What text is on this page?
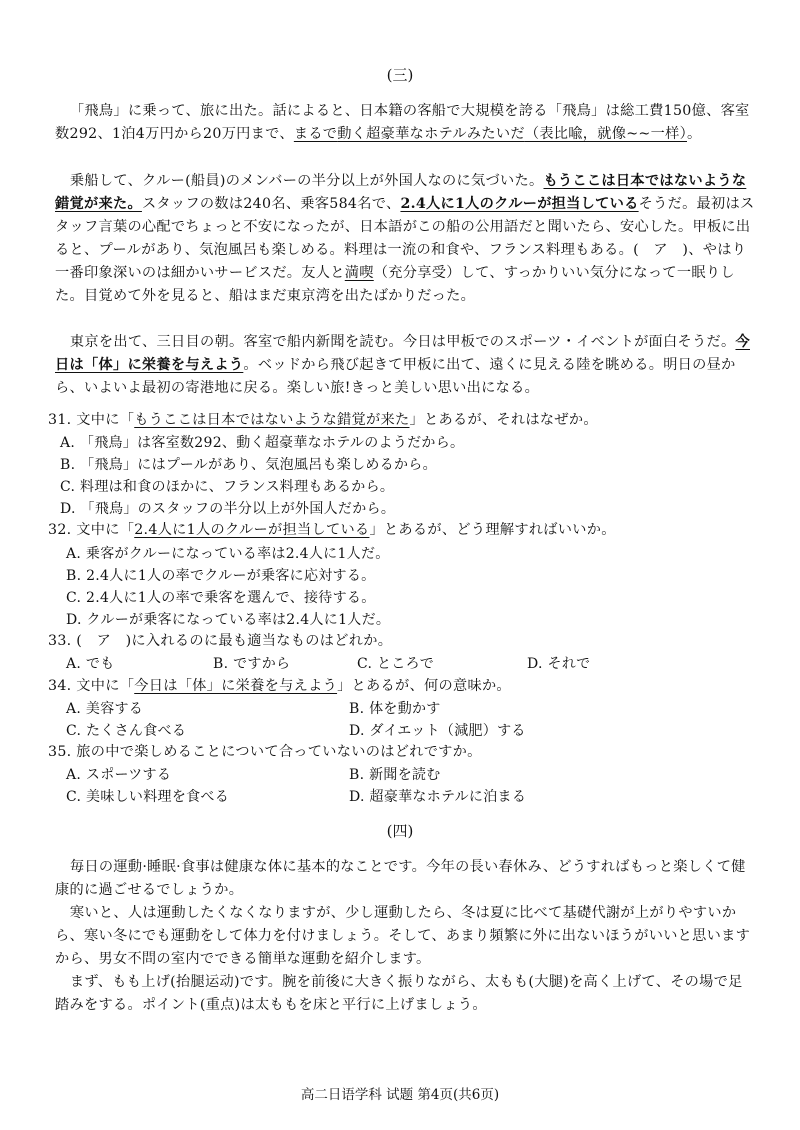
(三)

「飛鳥」に乗って、旅に出た。話によると、日本籍の客船で大規模を誇る「飛鳥」は総工費150億、客室数292、1泊4万円から20万円まで、まるで動く超豪華なホテルみたいだ（表比喩，就像~~一样）。

乗船して、クルー(船員)のメンバーの半分以上が外国人なのに気づいた。もうここは日本ではないような錯覚が来た。スタッフの数は240名、乗客584名で、2.4人に1人のクルーが担当しているそうだ。最初はスタッフ言葉の心配でちょっと不安になったが、日本語がこの船の公用語だと聞いたら、安心した。甲板に出ると、プールがあり、気泡風呂も楽しめる。料理は一流の和食や、フランス料理もある。(　ア　)、やはり一番印象深いのは細かいサービスだ。友人と満喫（充分享受）して、すっかりいい気分になって一眠りした。目覚めて外を見ると、船はまだ東京湾を出たばかりだった。

東京を出て、三日目の朝。客室で船内新聞を読む。今日は甲板でのスポーツ・イベントが面白そうだ。今日は「体」に栄養を与えよう。ベッドから飛び起きて甲板に出て、遠くに見える陸を眺める。明日の昼から、いよいよ最初の寄港地に戻る。楽しい旅!きっと美しい思い出になる。

31. 文中に「もうここは日本ではないような錯覚が来た」とあるが、それはなぜか。
A. 「飛鳥」は客室数292、動く超豪華なホテルのようだから。
B. 「飛鳥」にはプールがあり、気泡風呂も楽しめるから。
C. 料理は和食のほかに、フランス料理もあるから。
D. 「飛鳥」のスタッフの半分以上が外国人だから。
32. 文中に「2.4人に1人のクルーが担当している」とあるが、どう理解すればいいか。
A. 乗客がクルーになっている率は2.4人に1人だ。
B. 2.4人に1人の率でクルーが乗客に応対する。
C. 2.4人に1人の率で乗客を選んで、接待する。
D. クルーが乗客になっている率は2.4人に1人だ。
33. (　ア　)に入れるのに最も適当なものはどれか。
A. でも	B. ですから	C. ところで	D. それで
34. 文中に「今日は「体」に栄養を与えよう」とあるが、何の意味か。
A. 美容する	B. 体を動かす
C. たくさん食べる	D. ダイエット（減肥）する
35. 旅の中で楽しめることについて合っていないのはどれですか。
A. スポーツする	B. 新聞を読む
C. 美味しい料理を食べる	D. 超豪華なホテルに泊まる
(四)

毎日の運動·睡眠·食事は健康な体に基本的なことです。今年の長い春休み、どうすればもっと楽しくて健康的に過ごせるでしょうか。

寒いと、人は運動したくなくなりますが、少し運動したら、冬は夏に比べて基礎代謝が上がりやすいから、寒い冬にでも運動をして体力を付けましょう。そして、あまり頻繁に外に出ないほうがいいと思いますから、男女不問の室内でできる簡単な運動を紹介します。

まず、もも上げ(抬腿运动)です。腕を前後に大きく振りながら、太もも(大腿)を高く上げて、その場で足踏みをする。ポイント(重点)は太ももを床と平行に上げましょう。

高二日语学科 试题 第4页(共6页)
